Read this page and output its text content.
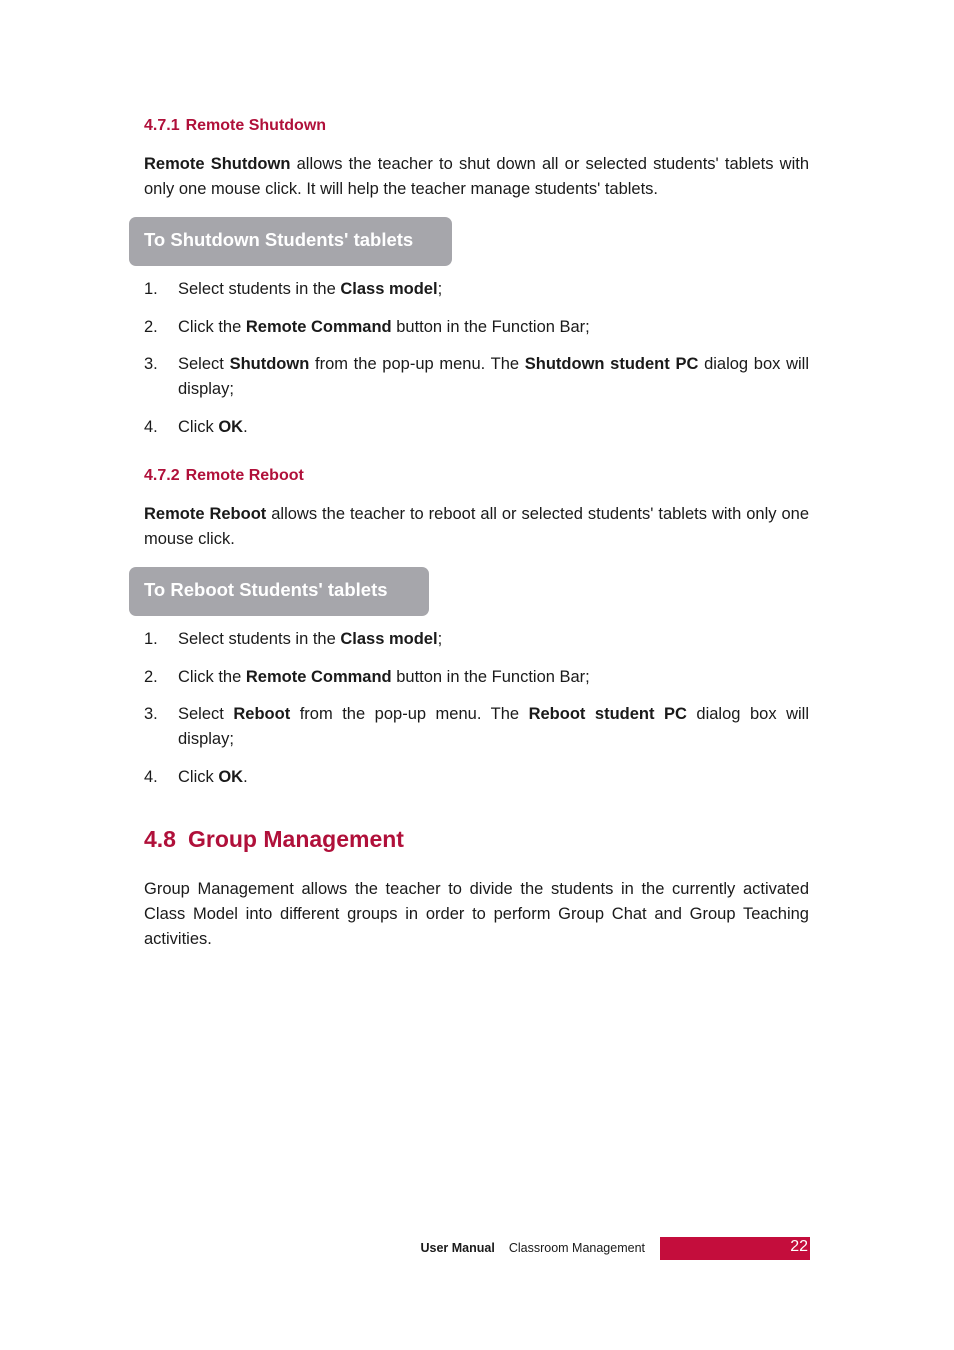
4.7.1 Remote Shutdown
Remote Shutdown allows the teacher to shut down all or selected students' tablets with only one mouse click. It will help the teacher manage students' tablets.
To Shutdown Students' tablets
1.	Select students in the Class model;
2.	Click the Remote Command button in the Function Bar;
3.	Select Shutdown from the pop-up menu. The Shutdown student PC dialog box will display;
4.	Click OK.
4.7.2 Remote Reboot
Remote Reboot allows the teacher to reboot all or selected students' tablets with only one mouse click.
To Reboot Students' tablets
1.	Select students in the Class model;
2.	Click the Remote Command button in the Function Bar;
3.	Select Reboot from the pop-up menu. The Reboot student PC dialog box will display;
4.	Click OK.
4.8 Group Management
Group Management allows the teacher to divide the students in the currently activated Class Model into different groups in order to perform Group Chat and Group Teaching activities.
User Manual Classroom Management	22
